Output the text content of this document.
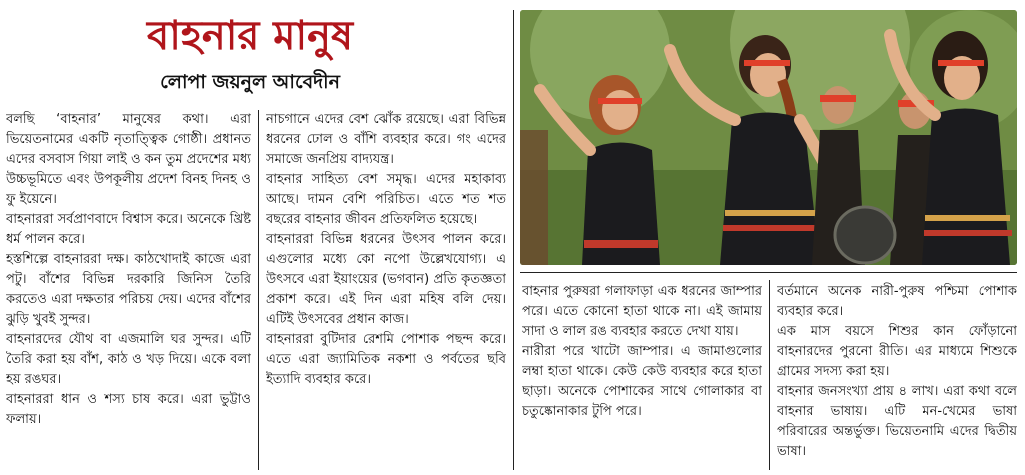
বাহনার মানুষ
লোপা জয়নুল আবেদীন

বলছি ‘বাহনার’ মানুষের কথা। এরা ভিয়েতনামের একটি নৃতাত্ত্বিক গোষ্ঠী। প্রধানত এদের বসবাস গিয়া লাই ও কন তুম প্রদেশের মধ্য উচ্চভূমিতে এবং উপকূলীয় প্রদেশ বিনহ দিনহ ও ফু ইয়েনে।

বাহনাররা সর্বপ্রাণবাদে বিশ্বাস করে। অনেকে খ্রিষ্ট ধর্ম পালন করে।

হস্তশিল্পে বাহনাররা দক্ষ। কাঠখোদাই কাজে এরা পটু। বাঁশের বিভিন্ন দরকারি জিনিস তৈরি করতেও এরা দক্ষতার পরিচয় দেয়। এদের বাঁশের ঝুড়ি খুবই সুন্দর।

বাহনারদের যৌথ বা এজমালি ঘর সুন্দর। এটি তৈরি করা হয় বাঁশ, কাঠ ও খড় দিয়ে। একে বলা হয় রঙঘর।

বাহনাররা ধান ও শস্য চাষ করে। এরা ভুট্টাও ফলায়।

নাচগানে এদের বেশ ঝোঁক রয়েছে। এরা বিভিন্ন ধরনের ঢোল ও বাঁশি ব্যবহার করে। গং এদের সমাজে জনপ্রিয় বাদ্যযন্ত্র।

বাহনার সাহিত্য বেশ সমৃদ্ধ। এদের মহাকাব্য আছে। দামন বেশি পরিচিত। এতে শত শত বছরের বাহনার জীবন প্রতিফলিত হয়েছে।

বাহনাররা বিভিন্ন ধরনের উৎসব পালন করে। এগুলোর মধ্যে কো নপো উল্লেখযোগ্য। এ উৎসবে এরা ইয়াংয়ের (ভগবান) প্রতি কৃতজ্ঞতা প্রকাশ করে। এই দিন এরা মহিষ বলি দেয়। এটিই উৎসবের প্রধান কাজ।

বাহনাররা বুটিদার রেশমি পোশাক পছন্দ করে। এতে এরা জ্যামিতিক নকশা ও পর্বতের ছবি ইত্যাদি ব্যবহার করে।

বাহনার পুরুষরা গলাফাড়া এক ধরনের জাম্পার পরে। এতে কোনো হাতা থাকে না। এই জামায় সাদা ও লাল রঙ ব্যবহার করতে দেখা যায়।

নারীরা পরে খাটো জাম্পার। এ জামাগুলোর লম্বা হাতা থাকে। কেউ কেউ ব্যবহার করে হাতা ছাড়া। অনেকে পোশাকের সাথে গোলাকার বা চতুষ্কোনাকার টুপি পরে।

বর্তমানে অনেক নারী-পুরুষ পশ্চিমা পোশাক ব্যবহার করে।

এক মাস বয়সে শিশুর কান ফোঁড়ানো বাহনারদের পুরনো রীতি। এর মাধ্যমে শিশুকে গ্রামের সদস্য করা হয়।

বাহনার জনসংখ্যা প্রায় ৪ লাখ। এরা কথা বলে বাহনার ভাষায়। এটি মন-খেমের ভাষা পরিবারের অন্তর্ভুক্ত। ভিয়েতনামি এদের দ্বিতীয় ভাষা।
